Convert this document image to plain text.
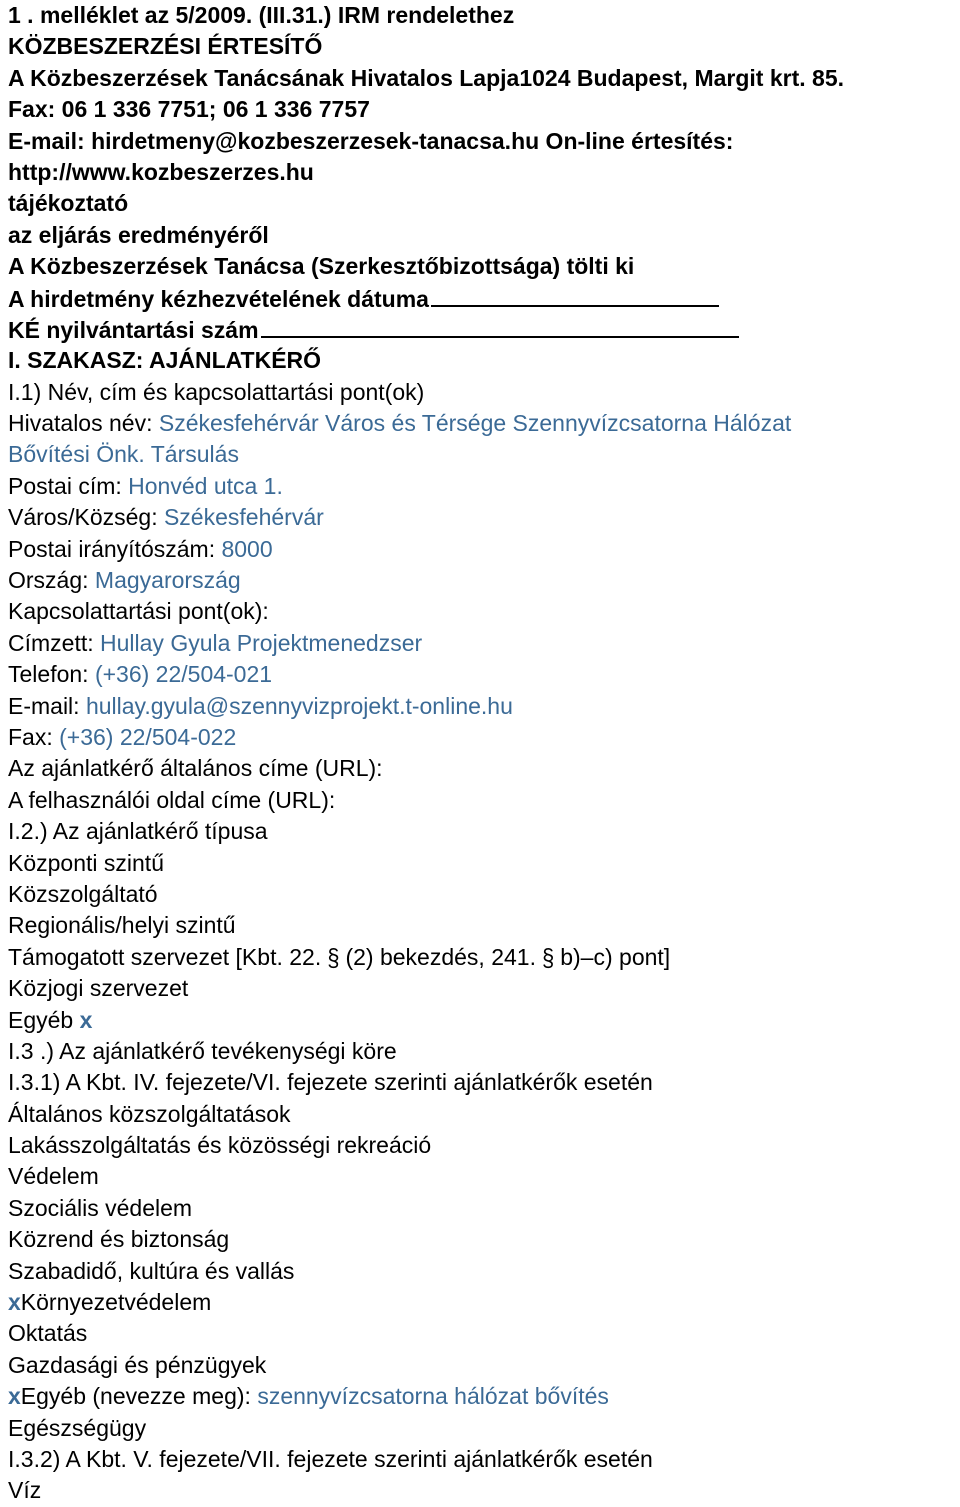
1 . melléklet az 5/2009. (III.31.) IRM rendelethez
KÖZBESZERZÉSI ÉRTESÍTŐ
A Közbeszerzések Tanácsának Hivatalos Lapja1024 Budapest, Margit krt. 85.
Fax: 06 1 336 7751; 06 1 336 7757
E-mail: hirdetmeny@kozbeszerzesek-tanacsa.hu On-line értesítés:
http://www.kozbeszerzes.hu
tájékoztató
az eljárás eredményéről
A Közbeszerzések Tanácsa (Szerkesztőbizottsága) tölti ki
A hirdetmény kézhezvételének dátuma
KÉ nyilvántartási szám
I. SZAKASZ: AJÁNLATKÉRŐ
I.1) Név, cím és kapcsolattartási pont(ok)
Hivatalos név: Székesfehérvár Város és Térsége Szennyvízcsatorna Hálózat
Bővítési Önk. Társulás
Postai cím: Honvéd utca 1.
Város/Község: Székesfehérvár
Postai irányítószám: 8000
Ország: Magyarország
Kapcsolattartási pont(ok):
Címzett: Hullay Gyula Projektmenedzser
Telefon: (+36) 22/504-021
E-mail: hullay.gyula@szennyvizprojekt.t-online.hu
Fax: (+36) 22/504-022
Az ajánlatkérő általános címe (URL):
A felhasználói oldal címe (URL):
I.2.) Az ajánlatkérő típusa
Központi szintű
Közszolgáltató
Regionális/helyi szintű
Támogatott szervezet [Kbt. 22. § (2) bekezdés, 241. § b)–c) pont]
Közjogi szervezet
Egyéb x
I.3 .) Az ajánlatkérő tevékenységi köre
I.3.1) A Kbt. IV. fejezete/VI. fejezete szerinti ajánlatkérők esetén
Általános közszolgáltatások
Lakásszolgáltatás és közösségi rekreáció
Védelem
Szociális védelem
Közrend és biztonság
Szabadidő, kultúra és vallás
xKörnyezetvédelem
Oktatás
Gazdasági és pénzügyek
xEgyéb (nevezze meg): szennyvízcsatorna hálózat bővítés
Egészségügy
I.3.2) A Kbt. V. fejezete/VII. fejezete szerinti ajánlatkérők esetén
Víz
